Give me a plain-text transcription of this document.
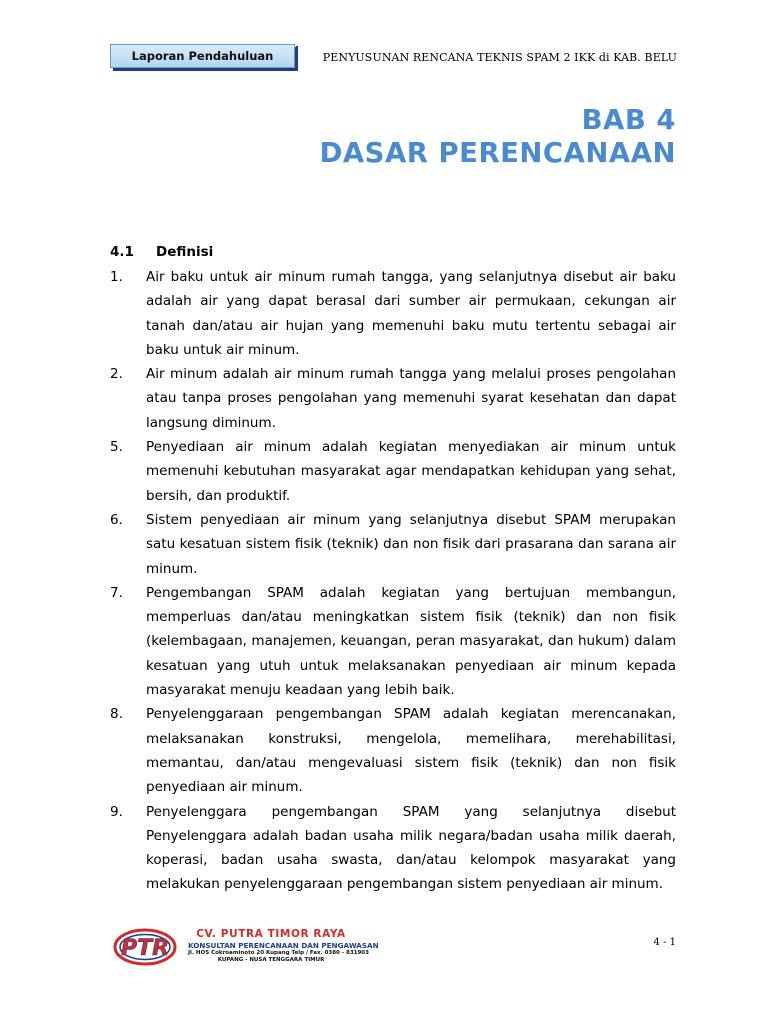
Laporan Pendahuluan	PENYUSUNAN RENCANA TEKNIS SPAM 2 IKK di KAB. BELU
BAB 4
DASAR PERENCANAAN
4.1 Definisi
1.	Air baku untuk air minum rumah tangga, yang selanjutnya disebut air baku adalah air yang dapat berasal dari sumber air permukaan, cekungan air tanah dan/atau air hujan yang memenuhi baku mutu tertentu sebagai air baku untuk air minum.
2.	Air minum adalah air minum rumah tangga yang melalui proses pengolahan atau tanpa proses pengolahan yang memenuhi syarat kesehatan dan dapat langsung diminum.
5.	Penyediaan air minum adalah kegiatan menyediakan air minum untuk memenuhi kebutuhan masyarakat agar mendapatkan kehidupan yang sehat, bersih, dan produktif.
6.	Sistem penyediaan air minum yang selanjutnya disebut SPAM merupakan satu kesatuan sistem fisik (teknik) dan non fisik dari prasarana dan sarana air minum.
7.	Pengembangan SPAM adalah kegiatan yang bertujuan membangun, memperluas dan/atau meningkatkan sistem fisik (teknik) dan non fisik (kelembagaan, manajemen, keuangan, peran masyarakat, dan hukum) dalam kesatuan yang utuh untuk melaksanakan penyediaan air minum kepada masyarakat menuju keadaan yang lebih baik.
8.	Penyelenggaraan pengembangan SPAM adalah kegiatan merencanakan, melaksanakan konstruksi, mengelola, memelihara, merehabilitasi, memantau, dan/atau mengevaluasi sistem fisik (teknik) dan non fisik penyediaan air minum.
9.	Penyelenggara pengembangan SPAM yang selanjutnya disebut Penyelenggara adalah badan usaha milik negara/badan usaha milik daerah, koperasi, badan usaha swasta, dan/atau kelompok masyarakat yang melakukan penyelenggaraan pengembangan sistem penyediaan air minum.
PTR
CV. PUTRA TIMOR RAYA
KONSULTAN PERENCANAAN DAN PENGAWASAN
Jl. HOS Cokroaminoto 20 Kupang Telp / Fax. 0380 - 831903
KUPANG - NUSA TENGGARA TIMUR
4 - 1
